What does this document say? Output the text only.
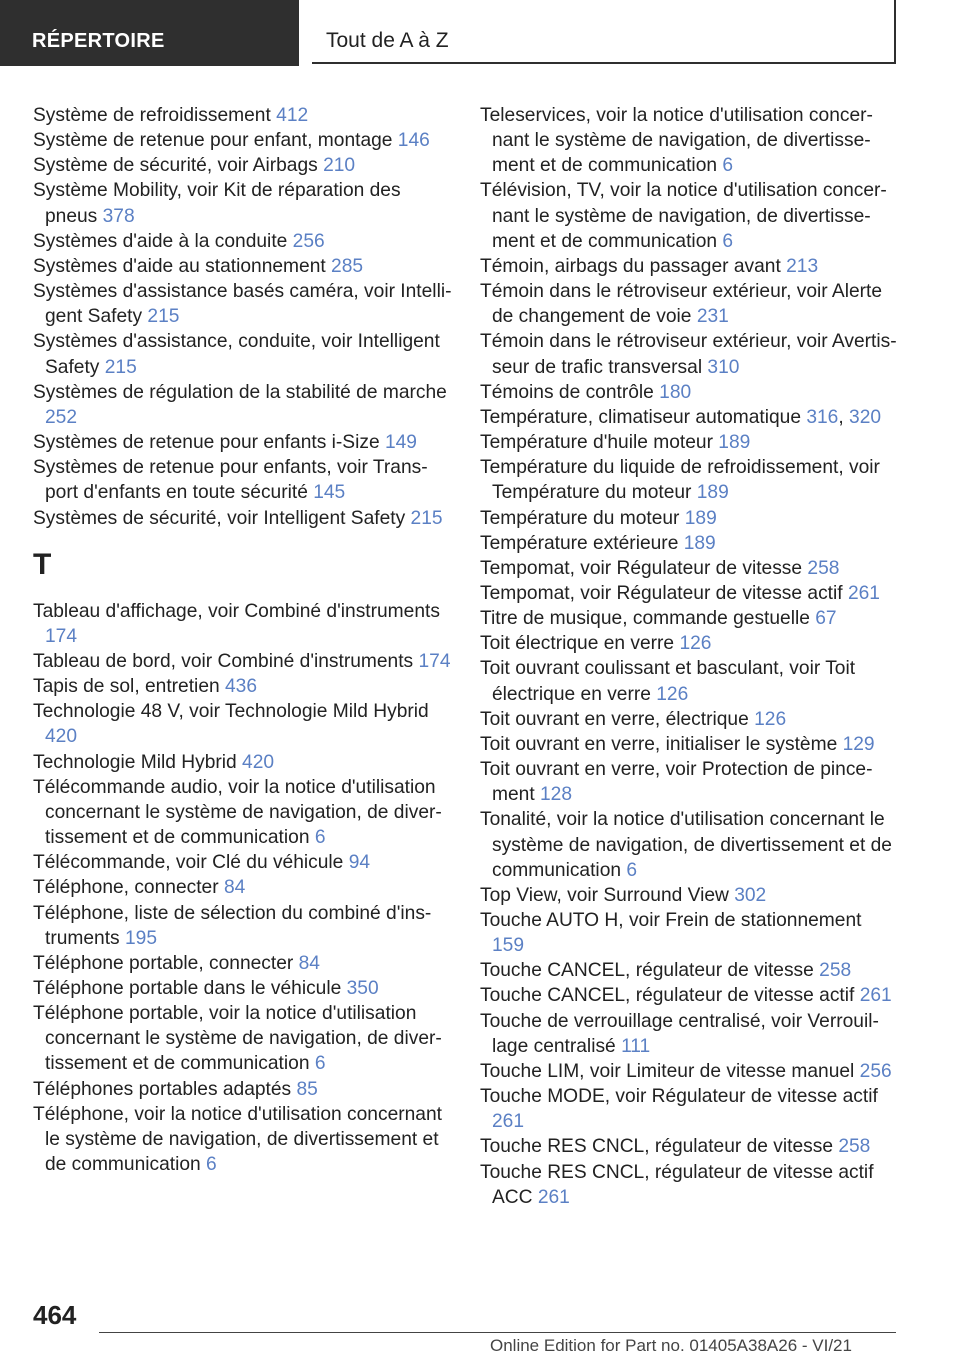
RÉPERTOIRE	Tout de A à Z
Système de refroidissement 412
Système de retenue pour enfant, montage 146
Système de sécurité, voir Airbags 210
Système Mobility, voir Kit de réparation des pneus 378
Systèmes d'aide à la conduite 256
Systèmes d'aide au stationnement 285
Systèmes d'assistance basés caméra, voir Intelligent Safety 215
Systèmes d'assistance, conduite, voir Intelligent Safety 215
Systèmes de régulation de la stabilité de marche 252
Systèmes de retenue pour enfants i-Size 149
Systèmes de retenue pour enfants, voir Transport d'enfants en toute sécurité 145
Systèmes de sécurité, voir Intelligent Safety 215
T
Tableau d'affichage, voir Combiné d'instruments 174
Tableau de bord, voir Combiné d'instruments 174
Tapis de sol, entretien 436
Technologie 48 V, voir Technologie Mild Hybrid 420
Technologie Mild Hybrid 420
Télécommande audio, voir la notice d'utilisation concernant le système de navigation, de divertissement et de communication 6
Télécommande, voir Clé du véhicule 94
Téléphone, connecter 84
Téléphone, liste de sélection du combiné d'instruments 195
Téléphone portable, connecter 84
Téléphone portable dans le véhicule 350
Téléphone portable, voir la notice d'utilisation concernant le système de navigation, de divertissement et de communication 6
Téléphones portables adaptés 85
Téléphone, voir la notice d'utilisation concernant le système de navigation, de divertissement et de communication 6
Teleservices, voir la notice d'utilisation concernant le système de navigation, de divertissement et de communication 6
Télévision, TV, voir la notice d'utilisation concernant le système de navigation, de divertissement et de communication 6
Témoin, airbags du passager avant 213
Témoin dans le rétroviseur extérieur, voir Alerte de changement de voie 231
Témoin dans le rétroviseur extérieur, voir Avertisseur de trafic transversal 310
Témoins de contrôle 180
Température, climatiseur automatique 316, 320
Température d'huile moteur 189
Température du liquide de refroidissement, voir Température du moteur 189
Température du moteur 189
Température extérieure 189
Tempomat, voir Régulateur de vitesse 258
Tempomat, voir Régulateur de vitesse actif 261
Titre de musique, commande gestuelle 67
Toit électrique en verre 126
Toit ouvrant coulissant et basculant, voir Toit électrique en verre 126
Toit ouvrant en verre, électrique 126
Toit ouvrant en verre, initialiser le système 129
Toit ouvrant en verre, voir Protection de pincement 128
Tonalité, voir la notice d'utilisation concernant le système de navigation, de divertissement et de communication 6
Top View, voir Surround View 302
Touche AUTO H, voir Frein de stationnement 159
Touche CANCEL, régulateur de vitesse 258
Touche CANCEL, régulateur de vitesse actif 261
Touche de verrouillage centralisé, voir Verrouillage centralisé 111
Touche LIM, voir Limiteur de vitesse manuel 256
Touche MODE, voir Régulateur de vitesse actif 261
Touche RES CNCL, régulateur de vitesse 258
Touche RES CNCL, régulateur de vitesse actif ACC 261
464
Online Edition for Part no. 01405A38A26 - VI/21
